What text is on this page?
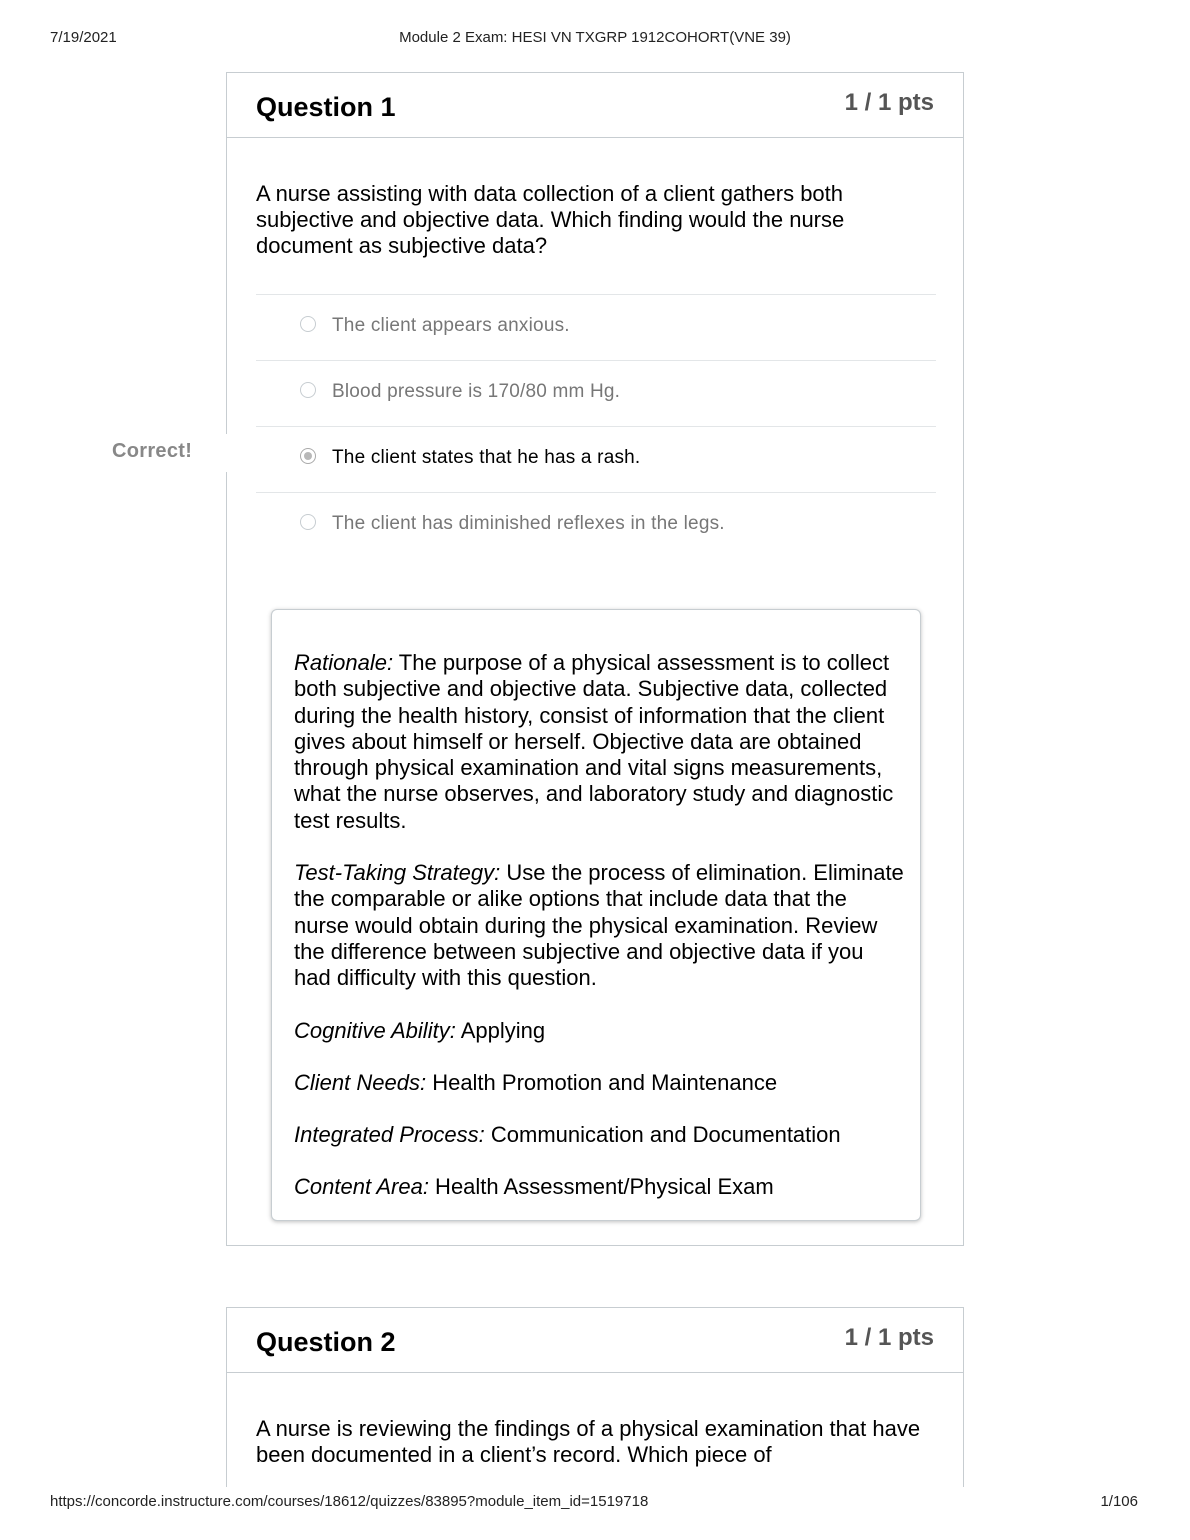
7/19/2021	Module 2 Exam: HESI VN TXGRP 1912COHORT(VNE 39)
Question 1	1 / 1 pts
A nurse assisting with data collection of a client gathers both subjective and objective data. Which finding would the nurse document as subjective data?
The client appears anxious.
Blood pressure is 170/80 mm Hg.
The client states that he has a rash.
The client has diminished reflexes in the legs.

Rationale: The purpose of a physical assessment is to collect both subjective and objective data. Subjective data, collected during the health history, consist of information that the client gives about himself or herself. Objective data are obtained through physical examination and vital signs measurements, what the nurse observes, and laboratory study and diagnostic test results.

Test-Taking Strategy: Use the process of elimination. Eliminate the comparable or alike options that include data that the nurse would obtain during the physical examination. Review the difference between subjective and objective data if you had difficulty with this question.

Cognitive Ability: Applying

Client Needs: Health Promotion and Maintenance

Integrated Process: Communication and Documentation

Content Area: Health Assessment/Physical Exam

Correct!
Question 2	1 / 1 pts
A nurse is reviewing the findings of a physical examination that have been documented in a client’s record. Which piece of
https://concorde.instructure.com/courses/18612/quizzes/83895?module_item_id=1519718	1/106
